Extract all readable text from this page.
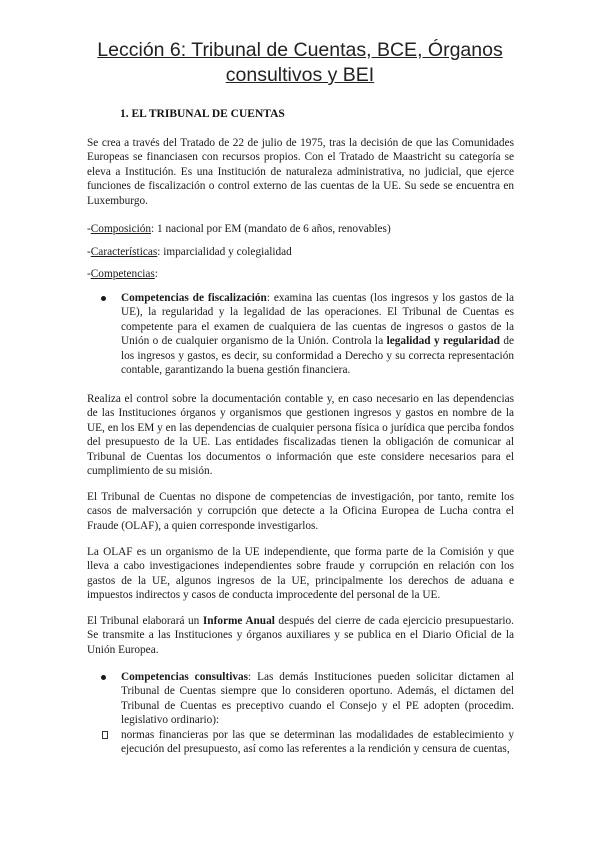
Lección 6: Tribunal de Cuentas, BCE, Órganos consultivos y BEI
1. EL TRIBUNAL DE CUENTAS

Se crea a través del Tratado de 22 de julio de 1975, tras la decisión de que las Comunidades Europeas se financiasen con recursos propios. Con el Tratado de Maastricht su categoría se eleva a Institución. Es una Institución de naturaleza administrativa, no judicial, que ejerce funciones de fiscalización o control externo de las cuentas de la UE. Su sede se encuentra en Luxemburgo.

-Composición: 1 nacional por EM (mandato de 6 años, renovables)

-Características: imparcialidad y colegialidad

-Competencias:

Competencias de fiscalización: examina las cuentas (los ingresos y los gastos de la UE), la regularidad y la legalidad de las operaciones. El Tribunal de Cuentas es competente para el examen de cualquiera de las cuentas de ingresos o gastos de la Unión o de cualquier organismo de la Unión. Controla la legalidad y regularidad de los ingresos y gastos, es decir, su conformidad a Derecho y su correcta representación contable, garantizando la buena gestión financiera.

Realiza el control sobre la documentación contable y, en caso necesario en las dependencias de las Instituciones órganos y organismos que gestionen ingresos y gastos en nombre de la UE, en los EM y en las dependencias de cualquier persona física o jurídica que perciba fondos del presupuesto de la UE. Las entidades fiscalizadas tienen la obligación de comunicar al Tribunal de Cuentas los documentos o información que este considere necesarios para el cumplimiento de su misión.

El Tribunal de Cuentas no dispone de competencias de investigación, por tanto, remite los casos de malversación y corrupción que detecte a la Oficina Europea de Lucha contra el Fraude (OLAF), a quien corresponde investigarlos.

La OLAF es un organismo de la UE independiente, que forma parte de la Comisión y que lleva a cabo investigaciones independientes sobre fraude y corrupción en relación con los gastos de la UE, algunos ingresos de la UE, principalmente los derechos de aduana e impuestos indirectos y casos de conducta improcedente del personal de la UE.

El Tribunal elaborará un Informe Anual después del cierre de cada ejercicio presupuestario. Se transmite a las Instituciones y órganos auxiliares y se publica en el Diario Oficial de la Unión Europea.

Competencias consultivas: Las demás Instituciones pueden solicitar dictamen al Tribunal de Cuentas siempre que lo consideren oportuno. Además, el dictamen del Tribunal de Cuentas es preceptivo cuando el Consejo y el PE adopten (procedim. legislativo ordinario):

normas financieras por las que se determinan las modalidades de establecimiento y ejecución del presupuesto, así como las referentes a la rendición y censura de cuentas,
